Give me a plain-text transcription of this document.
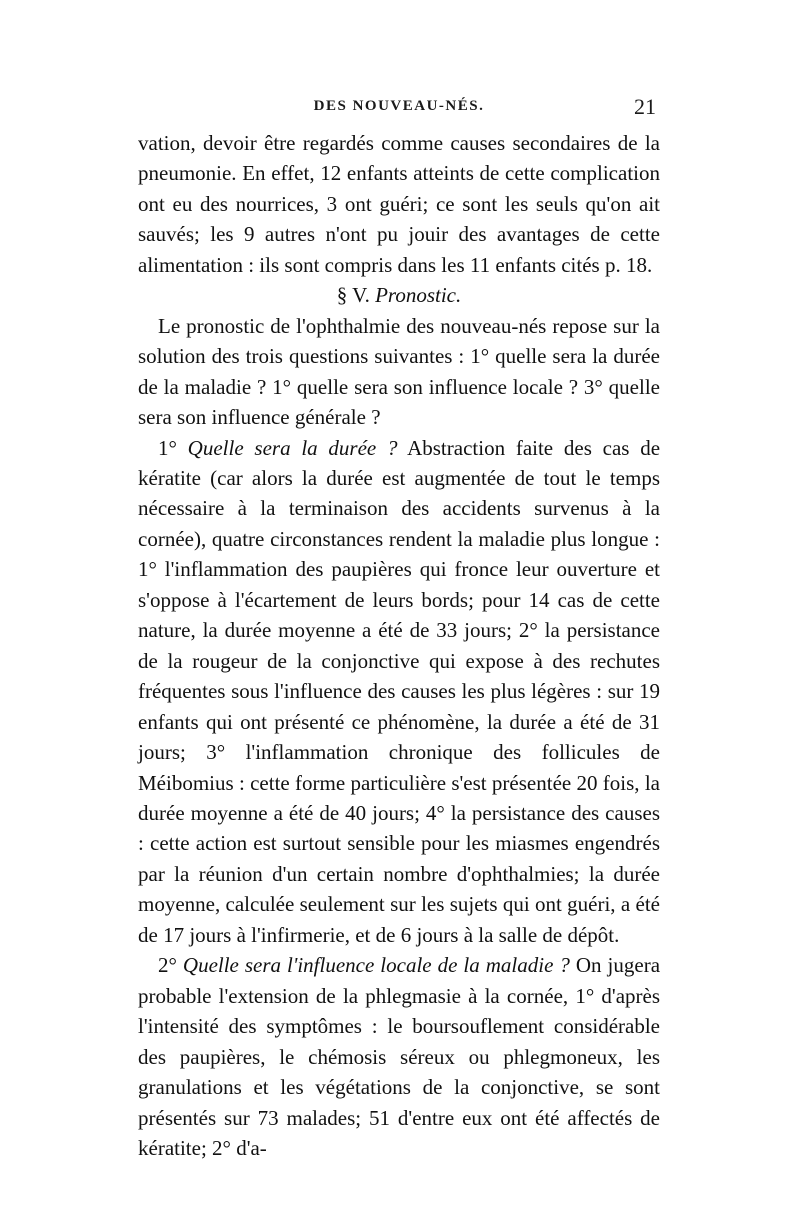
DES NOUVEAU-NÉS.	21

vation, devoir être regardés comme causes secondaires de la pneumonie. En effet, 12 enfants atteints de cette complication ont eu des nourrices, 3 ont guéri; ce sont les seuls qu'on ait sauvés; les 9 autres n'ont pu jouir des avantages de cette alimentation : ils sont compris dans les 11 enfants cités p. 18.

§ V. Pronostic.

Le pronostic de l'ophthalmie des nouveau-nés repose sur la solution des trois questions suivantes : 1° quelle sera la durée de la maladie ? 1° quelle sera son influence locale ? 3° quelle sera son influence générale ?

1° Quelle sera la durée ? Abstraction faite des cas de kératite (car alors la durée est augmentée de tout le temps nécessaire à la terminaison des accidents survenus à la cornée), quatre circonstances rendent la maladie plus longue : 1° l'inflammation des paupières qui fronce leur ouverture et s'oppose à l'écartement de leurs bords; pour 14 cas de cette nature, la durée moyenne a été de 33 jours; 2° la persistance de la rougeur de la conjonctive qui expose à des rechutes fréquentes sous l'influence des causes les plus légères : sur 19 enfants qui ont présenté ce phénomène, la durée a été de 31 jours; 3° l'inflammation chronique des follicules de Méibomius : cette forme particulière s'est présentée 20 fois, la durée moyenne a été de 40 jours; 4° la persistance des causes : cette action est surtout sensible pour les miasmes engendrés par la réunion d'un certain nombre d'ophthalmies; la durée moyenne, calculée seulement sur les sujets qui ont guéri, a été de 17 jours à l'infirmerie, et de 6 jours à la salle de dépôt.

2° Quelle sera l'influence locale de la maladie ? On jugera probable l'extension de la phlegmasie à la cornée, 1° d'après l'intensité des symptômes : le boursouflement considérable des paupières, le chémosis séreux ou phlegmoneux, les granulations et les végétations de la conjonctive, se sont présentés sur 73 malades; 51 d'entre eux ont été affectés de kératite; 2° d'a-
